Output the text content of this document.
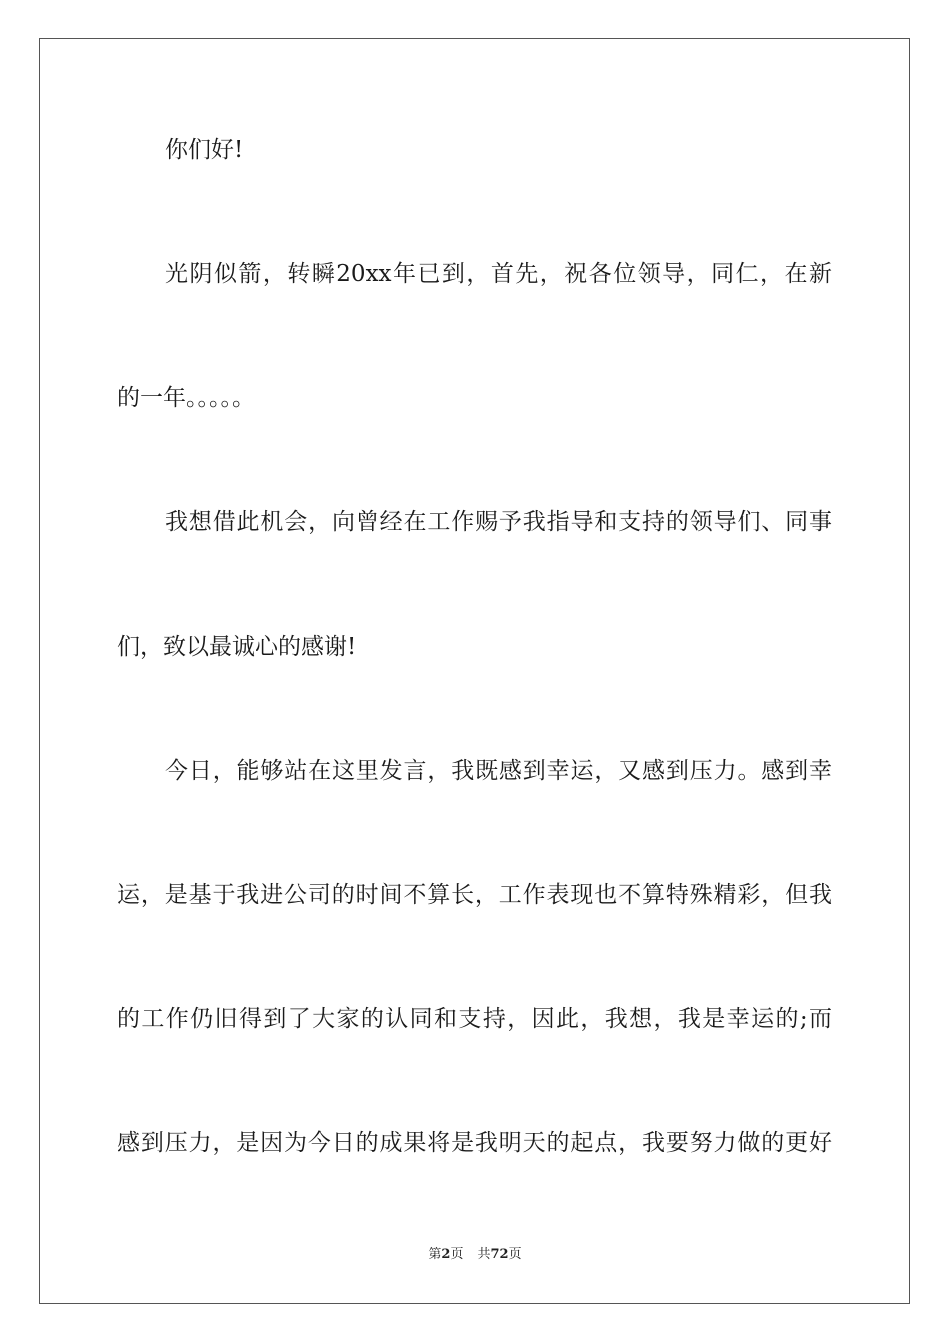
你们好!
光阴似箭，转瞬20xx年已到，首先，祝各位领导，同仁，在新
的一年。。。。。
我想借此机会，向曾经在工作赐予我指导和支持的领导们、同事
们，致以最诚心的感谢!
今日，能够站在这里发言，我既感到幸运，又感到压力。感到幸
运，是基于我进公司的时间不算长，工作表现也不算特殊精彩，但我
的工作仍旧得到了大家的认同和支持，因此，我想，我是幸运的;而
感到压力，是因为今日的成果将是我明天的起点，我要努力做的更好
第2页 共72页
